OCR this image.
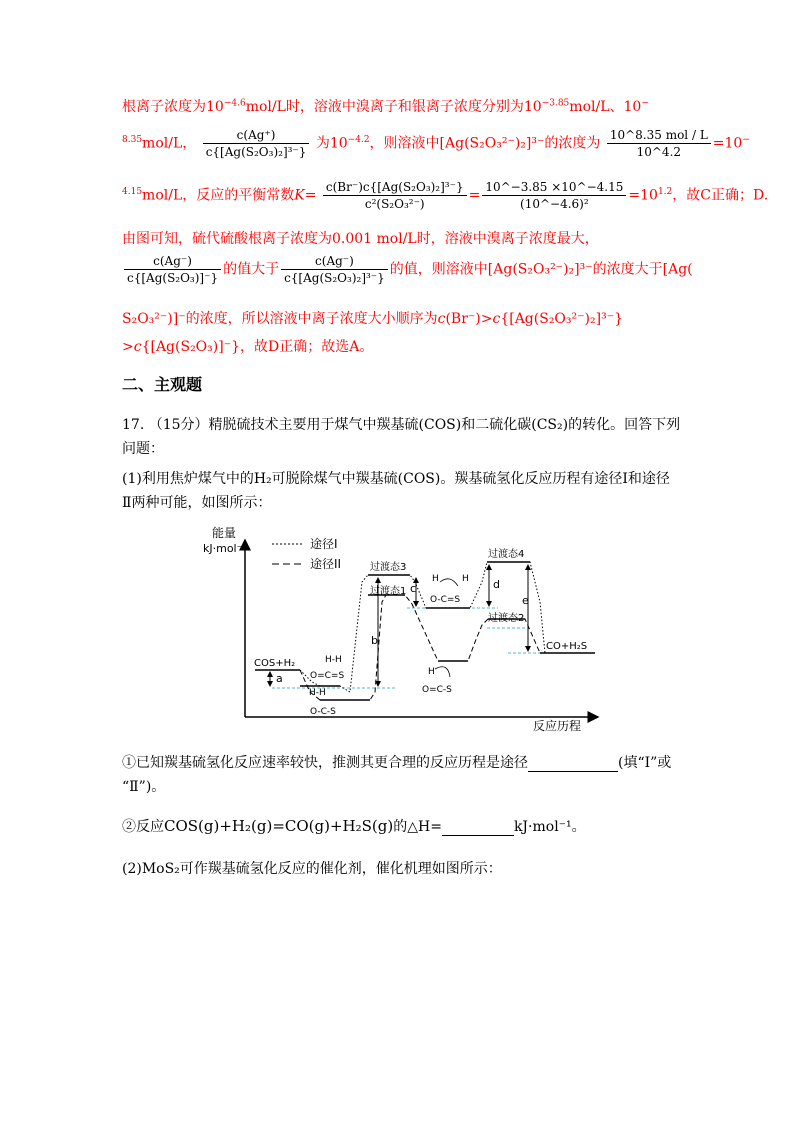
根离子浓度为$10^{-4.6}mol/L$时，溶液中溴离子和银离子浓度分别为$10^{-3.85}mol/L$、10−
$^{8.35}$mol/L， $\frac{c(Ag^+)}{\text{c\{[Ag(S₂O₃)₂]³⁻\}}}$ 为$10^{-4.2}$，则溶液中[Ag(S₂O₃²⁻)₂]³⁻的浓度为 $\frac{\text{10\textasciicircum{}8.35 mol / L}}{10\^{}4.2} =10^-$
$^{4.15}$mol/L，反应的平衡常数$K= \frac{\text{c(Br⁻)c\{[Ag(S₂O₃)₂]³⁻\}}}{\text{c²(S₂O₃²⁻)}} = \frac{10\^{}-3.85 \times 10\^{}-4.15}{\text{(10\textasciicircum{}−4.6)²}} =10^{1.2}$，故C正确；D.
由图可知，硫代硫酸根离子浓度为0.001 mol/L时，溶液中溴离子浓度最大，
$\frac{c(Ag^-)}{\text{c\{[Ag(S₂O₃)]⁻\}}}$ 的值大于 $\frac{c(Ag^-)}{\text{c\{[Ag(S₂O₃)₂]³⁻\}}}$ 的值，则溶液中[Ag(S₂O₃²⁻)₂]³⁻的浓度大于[Ag(
S₂O₃²⁻)]⁻的浓度，所以溶液中离子浓度大小顺序为c(Br⁻)>c{[Ag(S₂O₃²⁻)₂]³⁻}
>c{[Ag(S₂O₃)]⁻}，故D正确；故选A。
二、主观题
17. （15分）精脱硫技术主要用于煤气中羰基硫(COS)和二硫化碳(CS₂)的转化。回答下列
问题：
(1)利用焦炉煤气中的H₂可脱除煤气中羰基硫(COS)。羰基硫氢化反应历程有途径Ⅰ和途径
Ⅱ两种可能，如图所示：
能量
kJ·mol⁻¹
反应历程
途径I
途径II
COS+H₂
CO+H₂S
过渡态3
过渡态1
过渡态4
过渡态2
a
b
c	d
e
H-H
O=C=S
H-H
O-C-S
H	H
O-C=S
H
O=C-S
①已知羰基硫氢化反应速率较快，推测其更合理的反应历程是途径	(填“I”或
“Ⅱ”)。
②反应COS(g)+H₂(g)=CO(g)+H₂S(g)的△H=	kJ·mol⁻¹。
(2)MoS₂可作羰基硫氢化反应的催化剂，催化机理如图所示：
